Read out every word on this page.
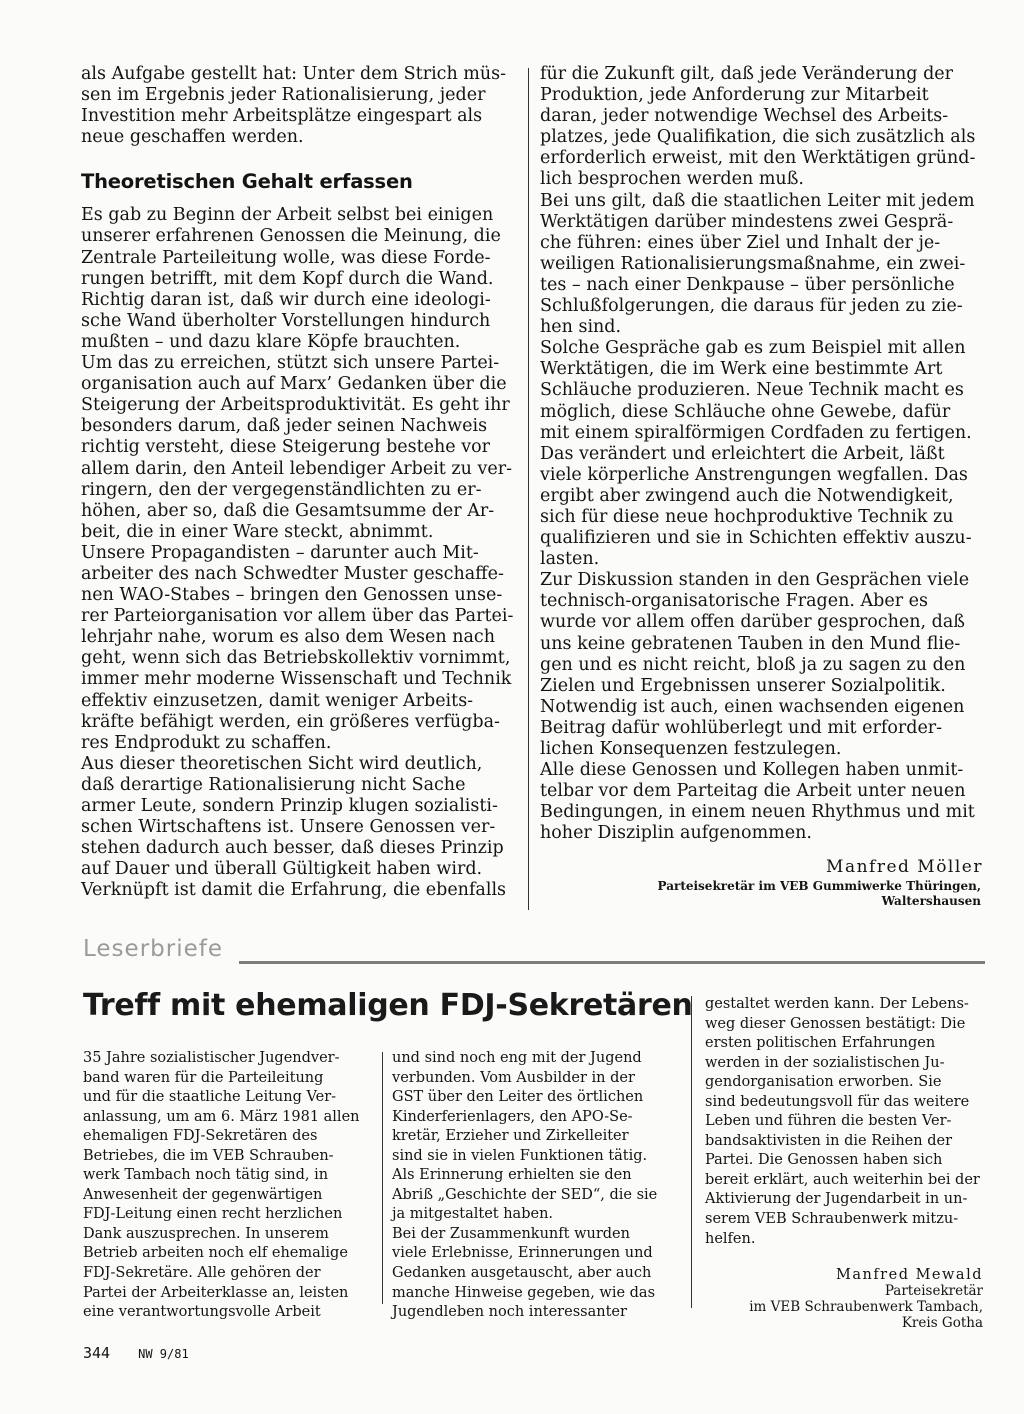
als Aufgabe gestellt hat: Unter dem Strich müs-
sen im Ergebnis jeder Rationalisierung, jeder
Investition mehr Arbeitsplätze eingespart als
neue geschaffen werden.

Theoretischen Gehalt erfassen

Es gab zu Beginn der Arbeit selbst bei einigen
unserer erfahrenen Genossen die Meinung, die
Zentrale Parteileitung wolle, was diese Forde-
rungen betrifft, mit dem Kopf durch die Wand.
Richtig daran ist, daß wir durch eine ideologi-
sche Wand überholter Vorstellungen hindurch
mußten – und dazu klare Köpfe brauchten.
Um das zu erreichen, stützt sich unsere Partei-
organisation auch auf Marx’ Gedanken über die
Steigerung der Arbeitsproduktivität. Es geht ihr
besonders darum, daß jeder seinen Nachweis
richtig versteht, diese Steigerung bestehe vor
allem darin, den Anteil lebendiger Arbeit zu ver-
ringern, den der vergegenständlichten zu er-
höhen, aber so, daß die Gesamtsumme der Ar-
beit, die in einer Ware steckt, abnimmt.
Unsere Propagandisten – darunter auch Mit-
arbeiter des nach Schwedter Muster geschaffe-
nen WAO-Stabes – bringen den Genossen unse-
rer Parteiorganisation vor allem über das Partei-
lehrjahr nahe, worum es also dem Wesen nach
geht, wenn sich das Betriebskollektiv vornimmt,
immer mehr moderne Wissenschaft und Technik
effektiv einzusetzen, damit weniger Arbeits-
kräfte befähigt werden, ein größeres verfügba-
res Endprodukt zu schaffen.
Aus dieser theoretischen Sicht wird deutlich,
daß derartige Rationalisierung nicht Sache
armer Leute, sondern Prinzip klugen sozialisti-
schen Wirtschaftens ist. Unsere Genossen ver-
stehen dadurch auch besser, daß dieses Prinzip
auf Dauer und überall Gültigkeit haben wird.
Verknüpft ist damit die Erfahrung, die ebenfalls

für die Zukunft gilt, daß jede Veränderung der
Produktion, jede Anforderung zur Mitarbeit
daran, jeder notwendige Wechsel des Arbeits-
platzes, jede Qualifikation, die sich zusätzlich als
erforderlich erweist, mit den Werktätigen gründ-
lich besprochen werden muß.
Bei uns gilt, daß die staatlichen Leiter mit jedem
Werktätigen darüber mindestens zwei Gesprä-
che führen: eines über Ziel und Inhalt der je-
weiligen Rationalisierungsmaßnahme, ein zwei-
tes – nach einer Denkpause – über persönliche
Schlußfolgerungen, die daraus für jeden zu zie-
hen sind.
Solche Gespräche gab es zum Beispiel mit allen
Werktätigen, die im Werk eine bestimmte Art
Schläuche produzieren. Neue Technik macht es
möglich, diese Schläuche ohne Gewebe, dafür
mit einem spiralförmigen Cordfaden zu fertigen.
Das verändert und erleichtert die Arbeit, läßt
viele körperliche Anstrengungen wegfallen. Das
ergibt aber zwingend auch die Notwendigkeit,
sich für diese neue hochproduktive Technik zu
qualifizieren und sie in Schichten effektiv auszu-
lasten.
Zur Diskussion standen in den Gesprächen viele
technisch-organisatorische Fragen. Aber es
wurde vor allem offen darüber gesprochen, daß
uns keine gebratenen Tauben in den Mund flie-
gen und es nicht reicht, bloß ja zu sagen zu den
Zielen und Ergebnissen unserer Sozialpolitik.
Notwendig ist auch, einen wachsenden eigenen
Beitrag dafür wohlüberlegt und mit erforder-
lichen Konsequenzen festzulegen.
Alle diese Genossen und Kollegen haben unmit-
telbar vor dem Parteitag die Arbeit unter neuen
Bedingungen, in einem neuen Rhythmus und mit
hoher Disziplin aufgenommen.

Manfred Möller
Parteisekretär im VEB Gummiwerke Thüringen,
Waltershausen
Leserbriefe
Treff mit ehemaligen FDJ-Sekretären

35 Jahre sozialistischer Jugendver-
band waren für die Parteileitung
und für die staatliche Leitung Ver-
anlassung, um am 6. März 1981 allen
ehemaligen FDJ-Sekretären des
Betriebes, die im VEB Schrauben-
werk Tambach noch tätig sind, in
Anwesenheit der gegenwärtigen
FDJ-Leitung einen recht herzlichen
Dank auszusprechen. In unserem
Betrieb arbeiten noch elf ehemalige
FDJ-Sekretäre. Alle gehören der
Partei der Arbeiterklasse an, leisten
eine verantwortungsvolle Arbeit

und sind noch eng mit der Jugend
verbunden. Vom Ausbilder in der
GST über den Leiter des örtlichen
Kinderferienlagers, den APO-Se-
kretär, Erzieher und Zirkelleiter
sind sie in vielen Funktionen tätig.
Als Erinnerung erhielten sie den
Abriß „Geschichte der SED“, die sie
ja mitgestaltet haben.
Bei der Zusammenkunft wurden
viele Erlebnisse, Erinnerungen und
Gedanken ausgetauscht, aber auch
manche Hinweise gegeben, wie das
Jugendleben noch interessanter

gestaltet werden kann. Der Lebens-
weg dieser Genossen bestätigt: Die
ersten politischen Erfahrungen
werden in der sozialistischen Ju-
gendorganisation erworben. Sie
sind bedeutungsvoll für das weitere
Leben und führen die besten Ver-
bandsaktivisten in die Reihen der
Partei. Die Genossen haben sich
bereit erklärt, auch weiterhin bei der
Aktivierung der Jugendarbeit in un-
serem VEB Schraubenwerk mitzu-
helfen.

Manfred Mewald
Parteisekretär
im VEB Schraubenwerk Tambach,
Kreis Gotha
344 NW 9/81
